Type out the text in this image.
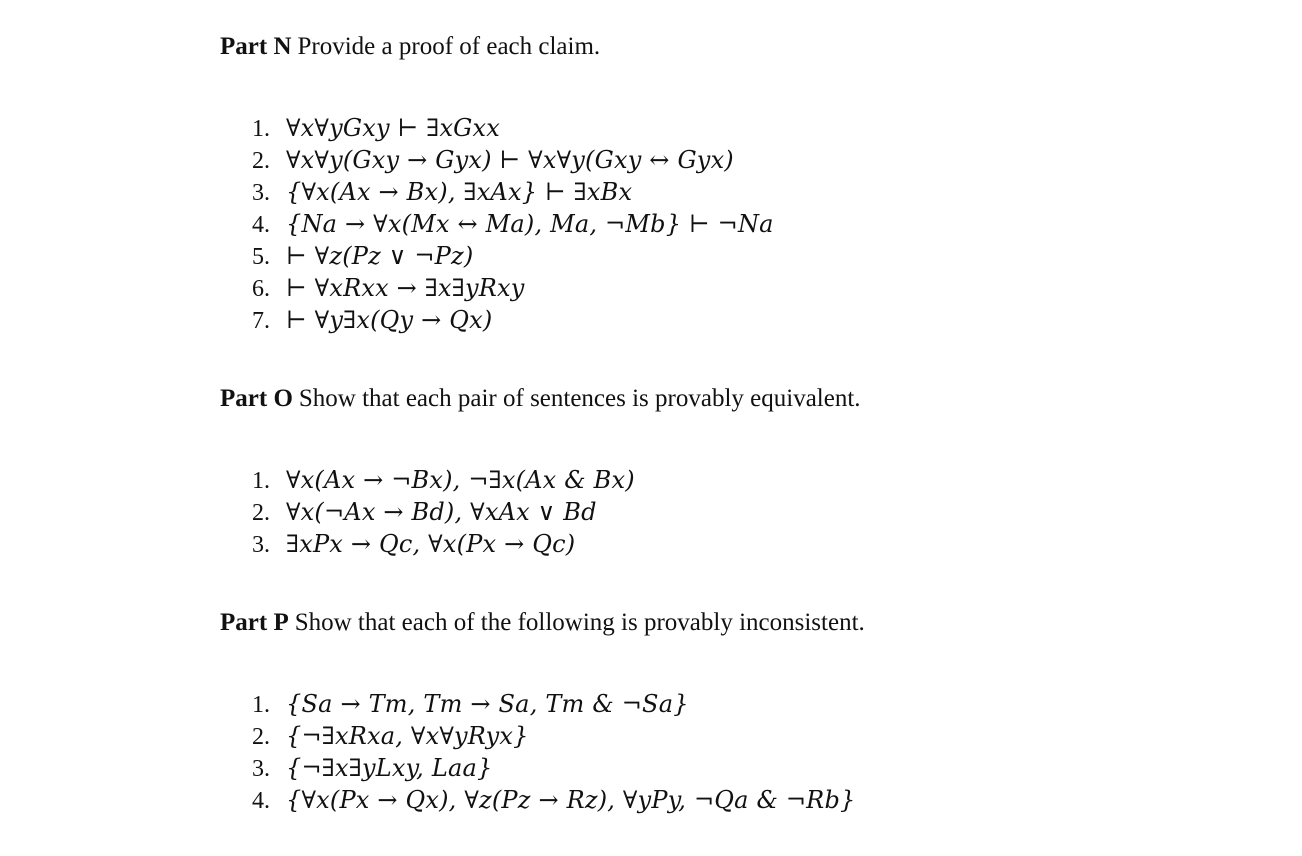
Part N Provide a proof of each claim.
1. ∀x∀yGxy ⊢ ∃xGxx
2. ∀x∀y(Gxy → Gyx) ⊢ ∀x∀y(Gxy ↔ Gyx)
3. {∀x(Ax → Bx), ∃xAx} ⊢ ∃xBx
4. {Na → ∀x(Mx ↔ Ma), Ma, ¬Mb} ⊢ ¬Na
5. ⊢ ∀z(Pz ∨ ¬Pz)
6. ⊢ ∀xRxx → ∃x∃yRxy
7. ⊢ ∀y∃x(Qy → Qx)
Part O Show that each pair of sentences is provably equivalent.
1. ∀x(Ax → ¬Bx), ¬∃x(Ax & Bx)
2. ∀x(¬Ax → Bd), ∀xAx ∨ Bd
3. ∃xPx → Qc, ∀x(Px → Qc)
Part P Show that each of the following is provably inconsistent.
1. {Sa → Tm, Tm → Sa, Tm & ¬Sa}
2. {¬∃xRxa, ∀x∀yRyx}
3. {¬∃x∃yLxy, Laa}
4. {∀x(Px → Qx), ∀z(Pz → Rz), ∀yPy, ¬Qa & ¬Rb}
